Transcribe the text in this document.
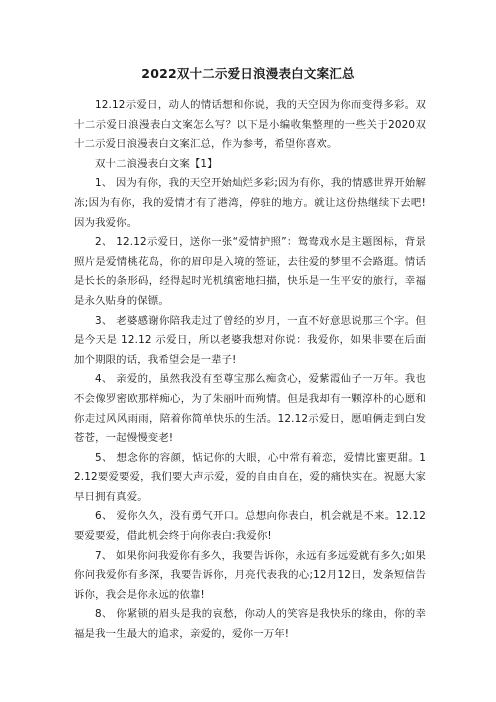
2022双十二示爱日浪漫表白文案汇总

12.12示爱日，动人的情话想和你说，我的天空因为你而变得多彩。双十二示爱日浪漫表白文案怎么写？以下是小编收集整理的一些关于2020双十二示爱日浪漫表白文案汇总，作为参考，希望你喜欢。

双十二浪漫表白文案【1】

1、 因为有你，我的天空开始灿烂多彩;因为有你，我的情感世界开始解冻;因为有你，我的爱情才有了港湾，停驻的地方。就让这份热继续下去吧!因为我爱你。

2、 12.12示爱日，送你一张“爱情护照”：鸳鸯戏水是主题图标，背景照片是爱情桃花岛，你的眉印是入境的签证，去往爱的梦里不会路逛。情话是长长的条形码，经得起时光机缜密地扫描，快乐是一生平安的旅行，幸福是永久贴身的保镖。

3、 老婆感谢你陪我走过了曾经的岁月，一直不好意思说那三个字。但是今天是 12.12 示爱日，所以老婆我想对你说：我爱你，如果非要在后面加个期限的话，我希望会是一辈子!

4、 亲爱的，虽然我没有至尊宝那么痴贪心，爱紫霞仙子一万年。我也不会像罗密欧那样痴心，为了朱丽叶而殉情。但是我却有一颗淳朴的心愿和你走过风风雨雨，陪着你简单快乐的生活。12.12示爱日，愿咱俩走到白发苍苍，一起慢慢变老!

5、 想念你的容颜，惦记你的大眼，心中常有着恋，爱情比蜜更甜。12.12要爱要爱，我们要大声示爱，爱的自由自在，爱的痛快实在。祝愿大家早日拥有真爱。

6、 爱你久久，没有勇气开口。总想向你表白，机会就是不来。12.12要爱要爱，借此机会终于向你表白:我爱你!

7、 如果你问我爱你有多久，我要告诉你，永远有多远爱就有多久;如果你问我爱你有多深，我要告诉你，月亮代表我的心;12月12日，发条短信告诉你，我会是你永远的依靠!

8、 你紧锁的眉头是我的哀愁，你动人的笑容是我快乐的缘由，你的幸福是我一生最大的追求，亲爱的，爱你一万年!
